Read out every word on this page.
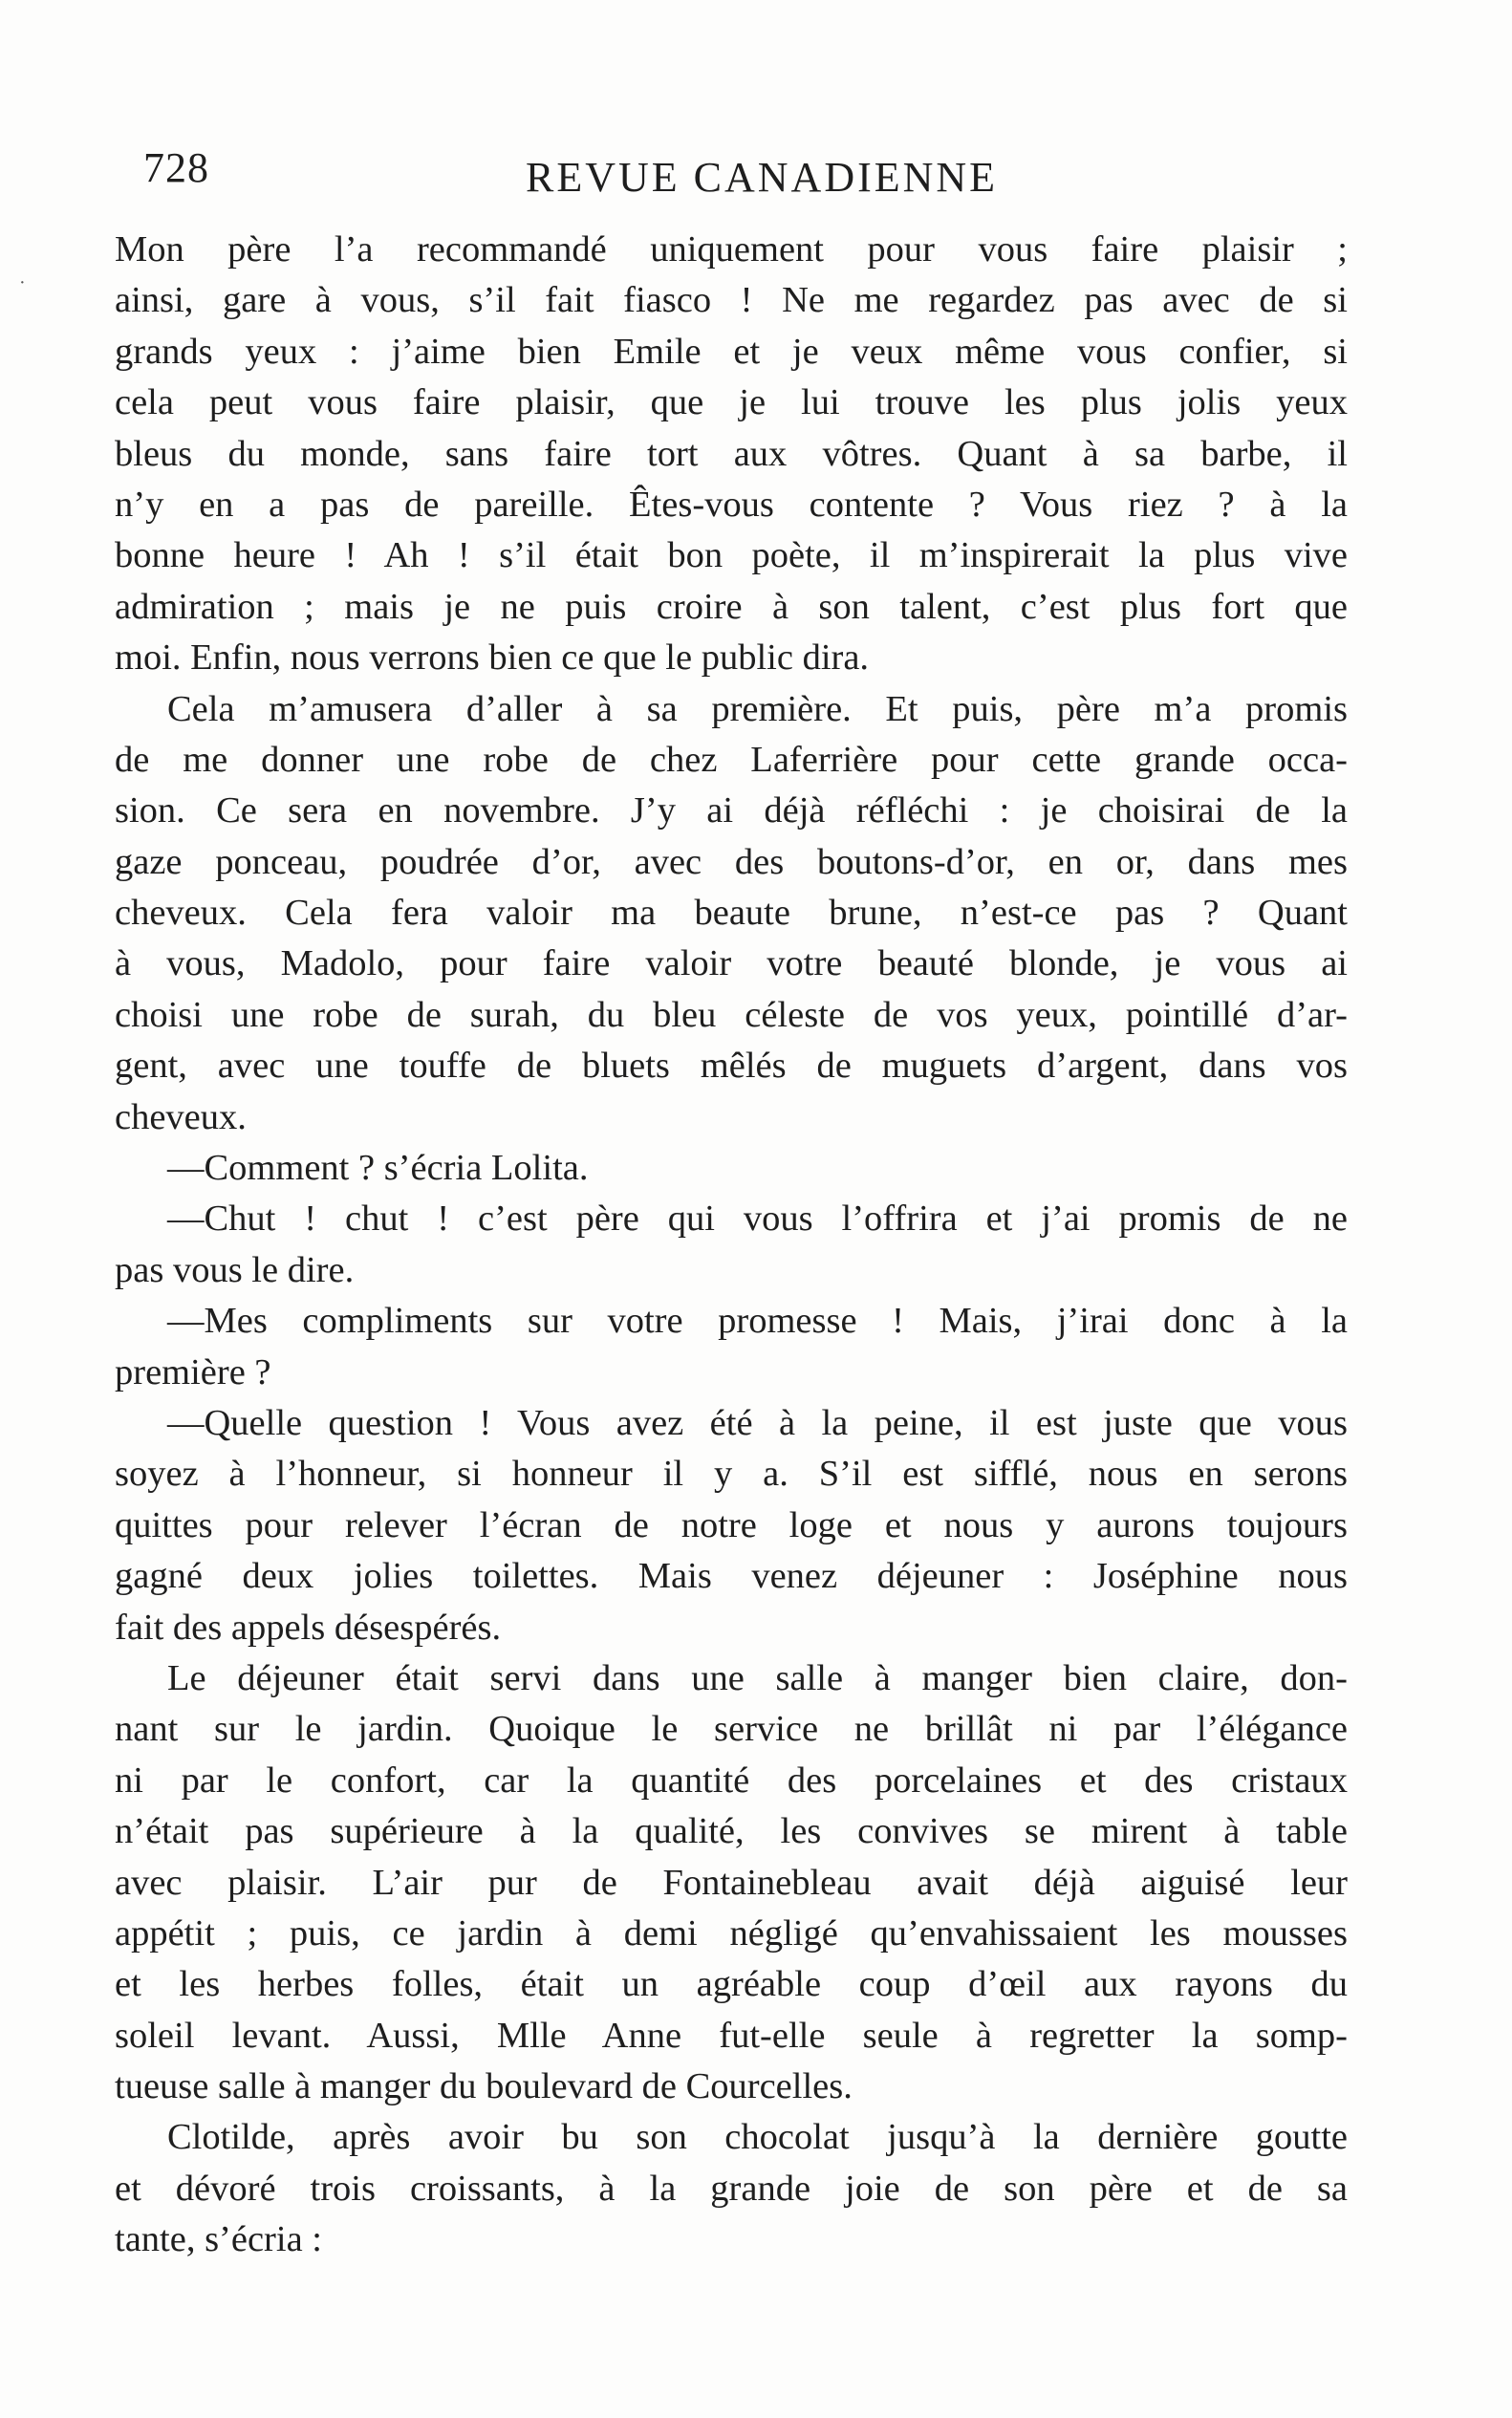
·
728	REVUE CANADIENNE
Mon père l’a recommandé uniquement pour vous faire plaisir ;
ainsi, gare à vous, s’il fait fiasco ! Ne me regardez pas avec de si
grands yeux : j’aime bien Emile et je veux même vous confier, si
cela peut vous faire plaisir, que je lui trouve les plus jolis yeux
bleus du monde, sans faire tort aux vôtres. Quant à sa barbe, il
n’y en a pas de pareille. Êtes-vous contente ? Vous riez ? à la
bonne heure ! Ah ! s’il était bon poète, il m’inspirerait la plus vive
admiration ; mais je ne puis croire à son talent, c’est plus fort que
moi. Enfin, nous verrons bien ce que le public dira.
Cela m’amusera d’aller à sa première. Et puis, père m’a promis
de me donner une robe de chez Laferrière pour cette grande occa-
sion. Ce sera en novembre. J’y ai déjà réfléchi : je choisirai de la
gaze ponceau, poudrée d’or, avec des boutons-d’or, en or, dans mes
cheveux. Cela fera valoir ma beaute brune, n’est-ce pas ? Quant
à vous, Madolo, pour faire valoir votre beauté blonde, je vous ai
choisi une robe de surah, du bleu céleste de vos yeux, pointillé d’ar-
gent, avec une touffe de bluets mêlés de muguets d’argent, dans vos
cheveux.
—Comment ? s’écria Lolita.
—Chut ! chut ! c’est père qui vous l’offrira et j’ai promis de ne
pas vous le dire.
—Mes compliments sur votre promesse ! Mais, j’irai donc à la
première ?
—Quelle question ! Vous avez été à la peine, il est juste que vous
soyez à l’honneur, si honneur il y a. S’il est sifflé, nous en serons
quittes pour relever l’écran de notre loge et nous y aurons toujours
gagné deux jolies toilettes. Mais venez déjeuner : Joséphine nous
fait des appels désespérés.
Le déjeuner était servi dans une salle à manger bien claire, don-
nant sur le jardin. Quoique le service ne brillât ni par l’élégance
ni par le confort, car la quantité des porcelaines et des cristaux
n’était pas supérieure à la qualité, les convives se mirent à table
avec plaisir. L’air pur de Fontainebleau avait déjà aiguisé leur
appétit ; puis, ce jardin à demi négligé qu’envahissaient les mousses
et les herbes folles, était un agréable coup d’œil aux rayons du
soleil levant. Aussi, Mlle Anne fut-elle seule à regretter la somp-
tueuse salle à manger du boulevard de Courcelles.
Clotilde, après avoir bu son chocolat jusqu’à la dernière goutte
et dévoré trois croissants, à la grande joie de son père et de sa
tante, s’écria :
